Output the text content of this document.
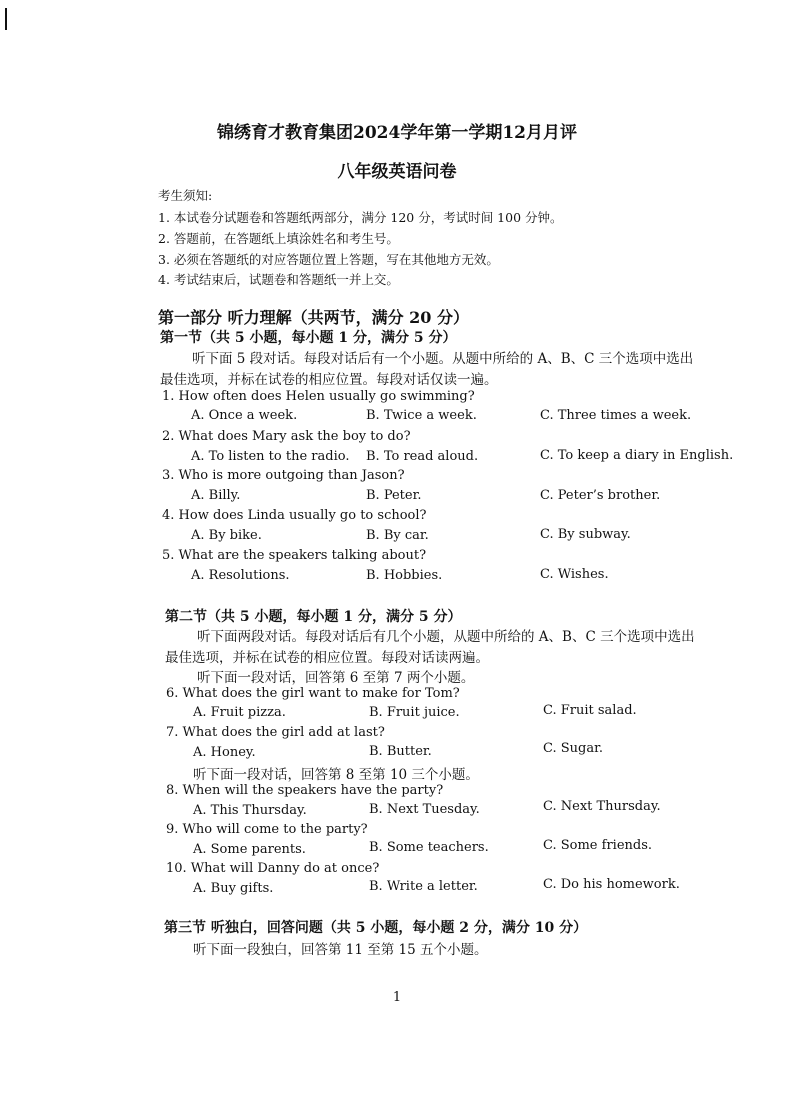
锦绣育才教育集团2024学年第一学期12月月评
八年级英语问卷
考生须知:
1. 本试卷分试题卷和答题纸两部分，满分 120 分，考试时间 100 分钟。
2. 答题前，在答题纸上填涂姓名和考生号。
3. 必须在答题纸的对应答题位置上答题，写在其他地方无效。
4. 考试结束后，试题卷和答题纸一并上交。
第一部分 听力理解（共两节，满分 20 分）
第一节（共 5 小题，每小题 1 分，满分 5 分）
听下面 5 段对话。每段对话后有一个小题。从题中所给的 A、B、C 三个选项中选出
最佳选项，并标在试卷的相应位置。每段对话仅读一遍。
1. How often does Helen usually go swimming?
A. Once a week.	B. Twice a week.	C. Three times a week.
2. What does Mary ask the boy to do?
A. To listen to the radio. B. To read aloud.	C. To keep a diary in English.
3. Who is more outgoing than Jason?
A. Billy.	B. Peter.	C. Peter’s brother.
4. How does Linda usually go to school?
A. By bike.	B. By car.	C. By subway.
5. What are the speakers talking about?
A. Resolutions.	B. Hobbies.	C. Wishes.
第二节（共 5 小题，每小题 1 分，满分 5 分）
听下面两段对话。每段对话后有几个小题，从题中所给的 A、B、C 三个选项中选出
最佳选项，并标在试卷的相应位置。每段对话读两遍。
听下面一段对话，回答第 6 至第 7 两个小题。
6. What does the girl want to make for Tom?
A. Fruit pizza.	B. Fruit juice.	C. Fruit salad.
7. What does the girl add at last?
A. Honey.	B. Butter.	C. Sugar.
听下面一段对话，回答第 8 至第 10 三个小题。
8. When will the speakers have the party?
A. This Thursday.	B. Next Tuesday.	C. Next Thursday.
9. Who will come to the party?
A. Some parents.	B. Some teachers.	C. Some friends.
10. What will Danny do at once?
A. Buy gifts.	B. Write a letter.	C. Do his homework.
第三节 听独白，回答问题（共 5 小题，每小题 2 分，满分 10 分）
听下面一段独白，回答第 11 至第 15 五个小题。
1
